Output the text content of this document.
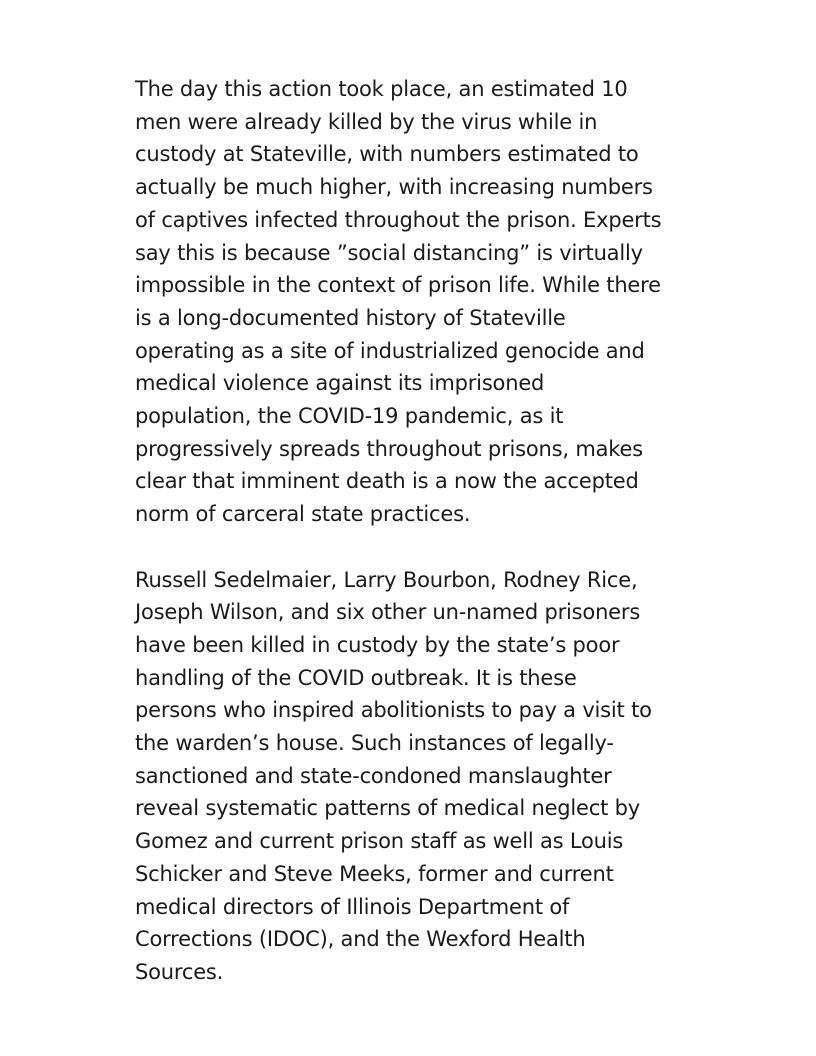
The day this action took place, an estimated 10
men were already killed by the virus while in
custody at Stateville, with numbers estimated to
actually be much higher, with increasing numbers
of captives infected throughout the prison. Experts
say this is because ”social distancing” is virtually
impossible in the context of prison life. While there
is a long-documented history of Stateville
operating as a site of industrialized genocide and
medical violence against its imprisoned
population, the COVID-19 pandemic, as it
progressively spreads throughout prisons, makes
clear that imminent death is a now the accepted
norm of carceral state practices.

Russell Sedelmaier, Larry Bourbon, Rodney Rice,
Joseph Wilson, and six other un-named prisoners
have been killed in custody by the state’s poor
handling of the COVID outbreak. It is these
persons who inspired abolitionists to pay a visit to
the warden’s house. Such instances of legally-
sanctioned and state-condoned manslaughter
reveal systematic patterns of medical neglect by
Gomez and current prison staff as well as Louis
Schicker and Steve Meeks, former and current
medical directors of Illinois Department of
Corrections (IDOC), and the Wexford Health
Sources.
